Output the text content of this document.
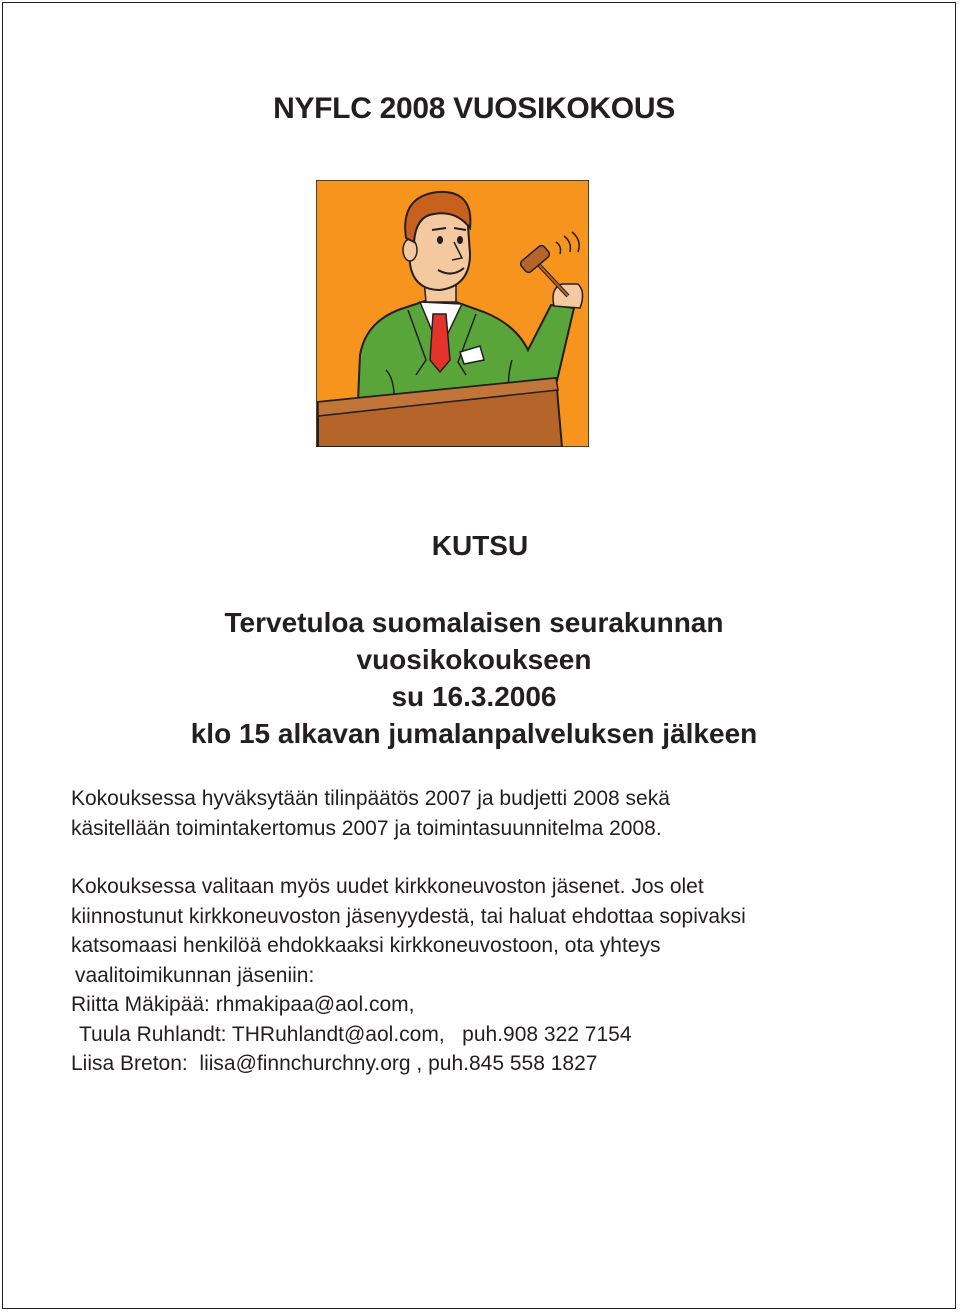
NYFLC 2008 VUOSIKOKOUS
KUTSU
Tervetuloa suomalaisen seurakunnan
vuosikokoukseen
su 16.3.2006
klo 15 alkavan jumalanpalveluksen jälkeen
Kokouksessa hyväksytään tilinpäätös 2007 ja budjetti 2008 sekä
käsitellään toimintakertomus 2007 ja toimintasuunnitelma 2008.
Kokouksessa valitaan myös uudet kirkkoneuvoston jäsenet. Jos olet
kiinnostunut kirkkoneuvoston jäsenyydestä, tai haluat ehdottaa sopivaksi
katsomaasi henkilöä ehdokkaaksi kirkkoneuvostoon, ota yhteys
vaalitoimikunnan jäseniin:
Riitta Mäkipää: rhmakipaa@aol.com,
Tuula Ruhlandt: THRuhlandt@aol.com,   puh.908 322 7154
Liisa Breton:  liisa@finnchurchny.org , puh.845 558 1827
